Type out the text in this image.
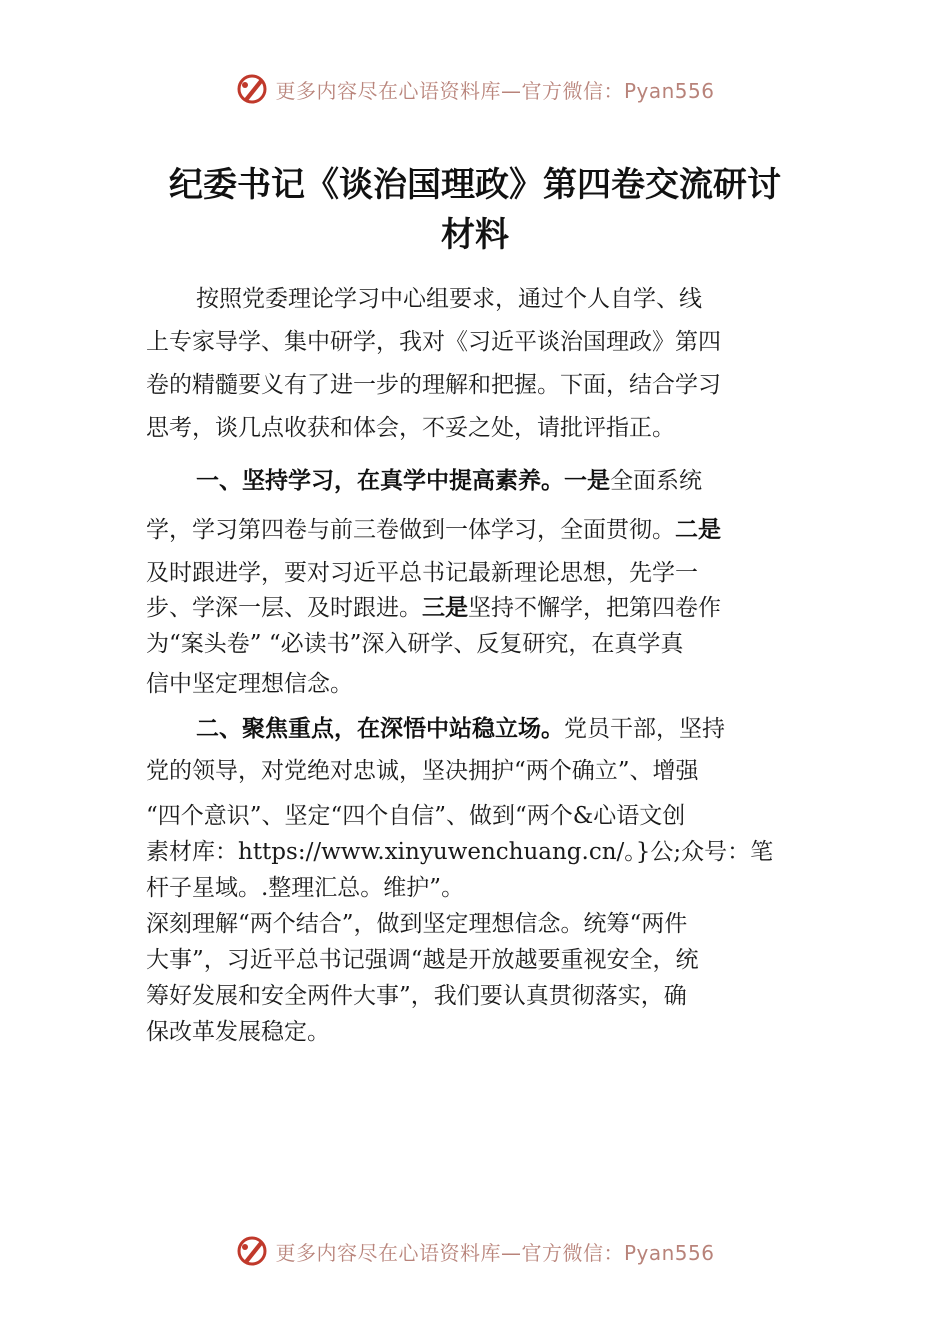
更多内容尽在心语资料库—官方微信：Pyan556
纪委书记《谈治国理政》第四卷交流研讨
材料
按照党委理论学习中心组要求，通过个人自学、线
上专家导学、集中研学，我对《习近平谈治国理政》第四
卷的精髓要义有了进一步的理解和把握。下面，结合学习
思考，谈几点收获和体会，不妥之处，请批评指正。
一、坚持学习，在真学中提高素养。一是全面系统
学，学习第四卷与前三卷做到一体学习，全面贯彻。二是
及时跟进学，要对习近平总书记最新理论思想，先学一
步、学深一层、及时跟进。三是坚持不懈学，把第四卷作
为“案头卷” “必读书”深入研学、反复研究，在真学真
信中坚定理想信念。
二、聚焦重点，在深悟中站稳立场。党员干部，坚持
党的领导，对党绝对忠诚，坚决拥护“两个确立”、增强
“四个意识”、坚定“四个自信”、做到“两个&心语文创
素材库：https://www.xinyuwenchuang.cn/。}公;众号：笔
杆子星域。.整理汇总。维护”。
深刻理解“两个结合”，做到坚定理想信念。统筹“两件
大事”，习近平总书记强调“越是开放越要重视安全，统
筹好发展和安全两件大事”，我们要认真贯彻落实，确
保改革发展稳定。
更多内容尽在心语资料库—官方微信：Pyan556
